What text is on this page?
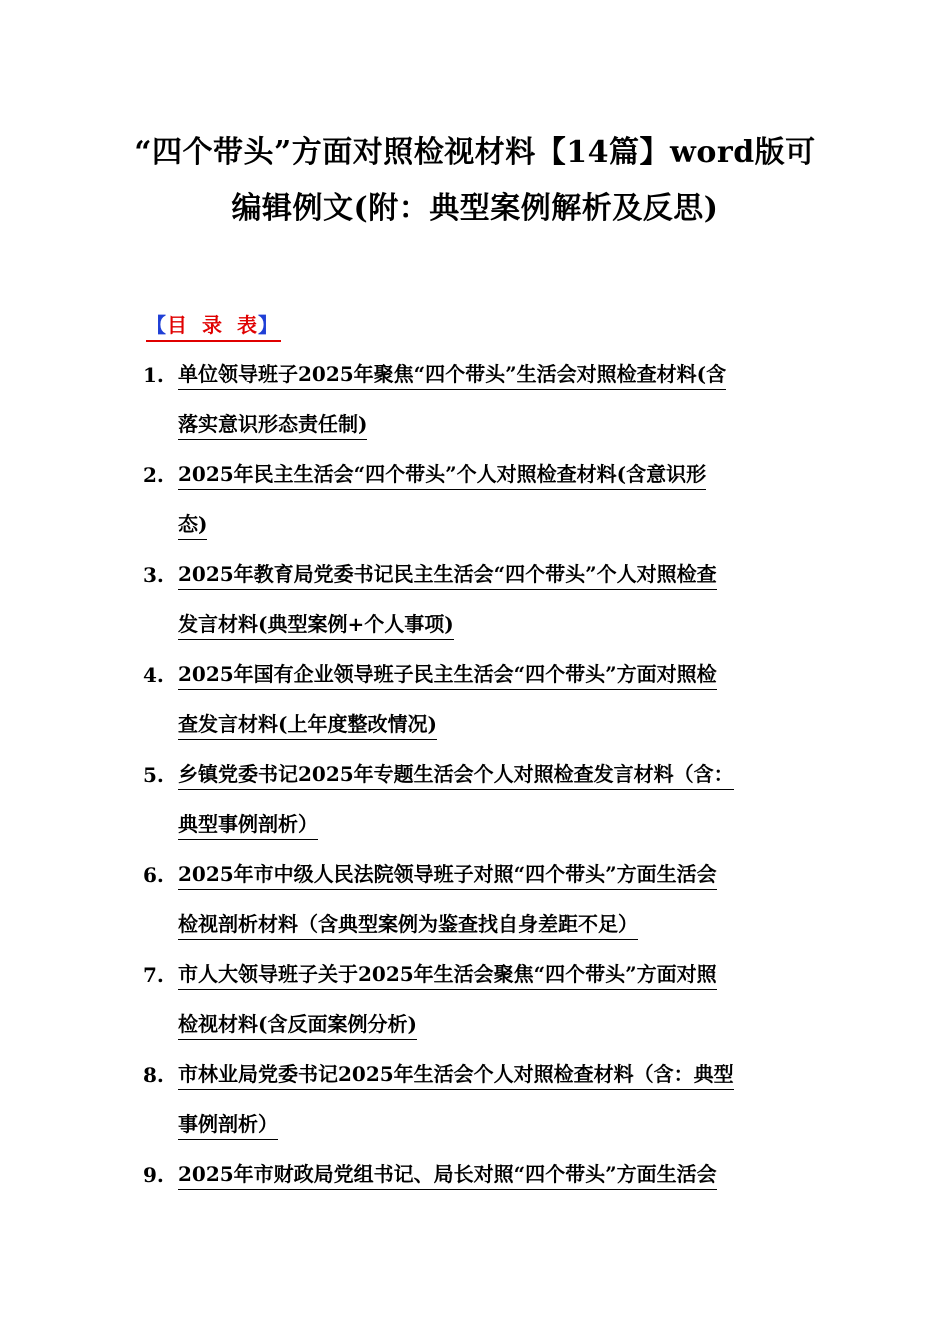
“四个带头”方面对照检视材料【14篇】word版可
编辑例文(附：典型案例解析及反思)
【目 录 表】
1. 单位领导班子2025年聚焦“四个带头”生活会对照检查材料(含
落实意识形态责任制)
2. 2025年民主生活会“四个带头”个人对照检查材料(含意识形
态)
3. 2025年教育局党委书记民主生活会“四个带头”个人对照检查
发言材料(典型案例+个人事项)
4. 2025年国有企业领导班子民主生活会“四个带头”方面对照检
查发言材料(上年度整改情况)
5. 乡镇党委书记2025年专题生活会个人对照检查发言材料（含：
典型事例剖析）
6. 2025年市中级人民法院领导班子对照“四个带头”方面生活会
检视剖析材料（含典型案例为鉴查找自身差距不足）
7. 市人大领导班子关于2025年生活会聚焦“四个带头”方面对照
检视材料(含反面案例分析)
8. 市林业局党委书记2025年生活会个人对照检查材料（含：典型
事例剖析）
9. 2025年市财政局党组书记、局长对照“四个带头”方面生活会
